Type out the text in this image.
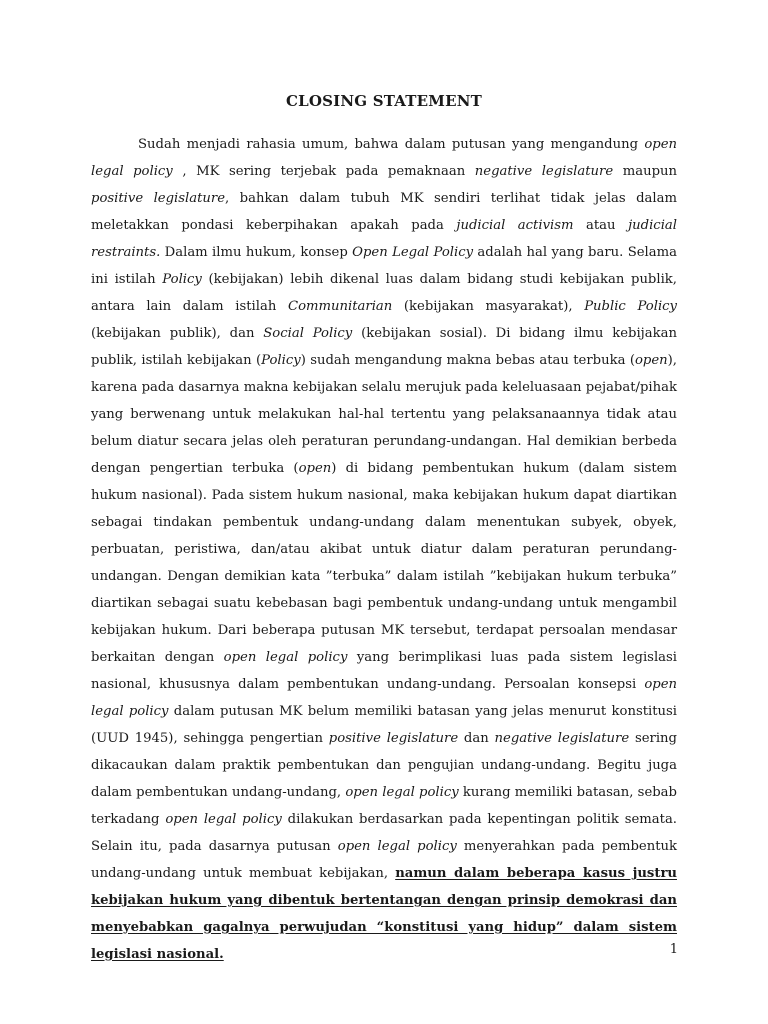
CLOSING STATEMENT

Sudah menjadi rahasia umum, bahwa dalam putusan yang mengandung open legal policy , MK sering terjebak pada pemaknaan negative legislature maupun positive legislature, bahkan dalam tubuh MK sendiri terlihat tidak jelas dalam meletakkan pondasi keberpihakan apakah pada judicial activism atau judicial restraints. Dalam ilmu hukum, konsep Open Legal Policy adalah hal yang baru. Selama ini istilah Policy (kebijakan) lebih dikenal luas dalam bidang studi kebijakan publik, antara lain dalam istilah Communitarian (kebijakan masyarakat), Public Policy (kebijakan publik), dan Social Policy (kebijakan sosial). Di bidang ilmu kebijakan publik, istilah kebijakan (Policy) sudah mengandung makna bebas atau terbuka (open), karena pada dasarnya makna kebijakan selalu merujuk pada keleluasaan pejabat/pihak yang berwenang untuk melakukan hal-hal tertentu yang pelaksanaannya tidak atau belum diatur secara jelas oleh peraturan perundang-undangan. Hal demikian berbeda dengan pengertian terbuka (open) di bidang pembentukan hukum (dalam sistem hukum nasional). Pada sistem hukum nasional, maka kebijakan hukum dapat diartikan sebagai tindakan pembentuk undang-undang dalam menentukan subyek, obyek, perbuatan, peristiwa, dan/atau akibat untuk diatur dalam peraturan perundang-undangan. Dengan demikian kata ”terbuka” dalam istilah ”kebijakan hukum terbuka” diartikan sebagai suatu kebebasan bagi pembentuk undang-undang untuk mengambil kebijakan hukum. Dari beberapa putusan MK tersebut, terdapat persoalan mendasar berkaitan dengan open legal policy yang berimplikasi luas pada sistem legislasi nasional, khususnya dalam pembentukan undang-undang. Persoalan konsepsi open legal policy dalam putusan MK belum memiliki batasan yang jelas menurut konstitusi (UUD 1945), sehingga pengertian positive legislature dan negative legislature sering dikacaukan dalam praktik pembentukan dan pengujian undang-undang. Begitu juga dalam pembentukan undang-undang, open legal policy kurang memiliki batasan, sebab terkadang open legal policy dilakukan berdasarkan pada kepentingan politik semata. Selain itu, pada dasarnya putusan open legal policy menyerahkan pada pembentuk undang-undang untuk membuat kebijakan, namun dalam beberapa kasus justru kebijakan hukum yang dibentuk bertentangan dengan prinsip demokrasi dan menyebabkan gagalnya perwujudan “konstitusi yang hidup” dalam sistem legislasi nasional.	1
